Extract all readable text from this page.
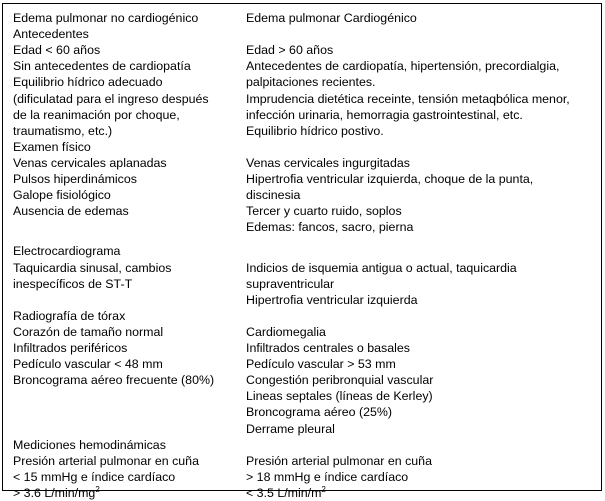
Edema pulmonar no cardiogénico
Antecedentes
Edad < 60 años
Sin antecedentes de cardiopatía
Equilibrio hídrico adecuado
(dificulatad para el ingreso después
de la reanimación por choque,
traumatismo, etc.)
Examen físico
Venas cervicales aplanadas
Pulsos hiperdinámicos
Galope fisiológico
Ausencia de edemas
Electrocardiograma
Taquicardia sinusal, cambios
inespecíficos de ST-T
Radiografía de tórax
Corazón de tamaño normal
Infiltrados periféricos
Pedículo vascular < 48 mm
Broncograma aéreo frecuente (80%)
Mediciones hemodinámicas
Presión arterial pulmonar en cuña
< 15 mmHg e índice cardíaco
> 3.6 $L/\min/mg^2$
Edema pulmonar Cardiogénico
Edad > 60 años
Antecedentes de cardiopatía, hipertensión, precordialgia,
palpitaciones recientes.
Imprudencia dietética receinte, tensión metaqbólica menor,
infección urinaria, hemorragia gastrointestinal, etc.
Equilibrio hídrico postivo.
Venas cervicales ingurgitadas
Hipertrofia ventricular izquierda, choque de la punta,
discinesia
Tercer y cuarto ruido, soplos
Edemas: fancos, sacro, pierna
Indicios de isquemia antigua o actual, taquicardia
supraventricular
Hipertrofia ventricular izquierda
Cardiomegalia
Infiltrados centrales o basales
Pedículo vascular > 53 mm
Congestión peribronquial vascular
Lineas septales (líneas de Kerley)
Broncograma aéreo (25%)
Derrame pleural
Presión arterial pulmonar en cuña
> 18 mmHg e índice cardíaco
< 3.5 $L/\min/m^2$
